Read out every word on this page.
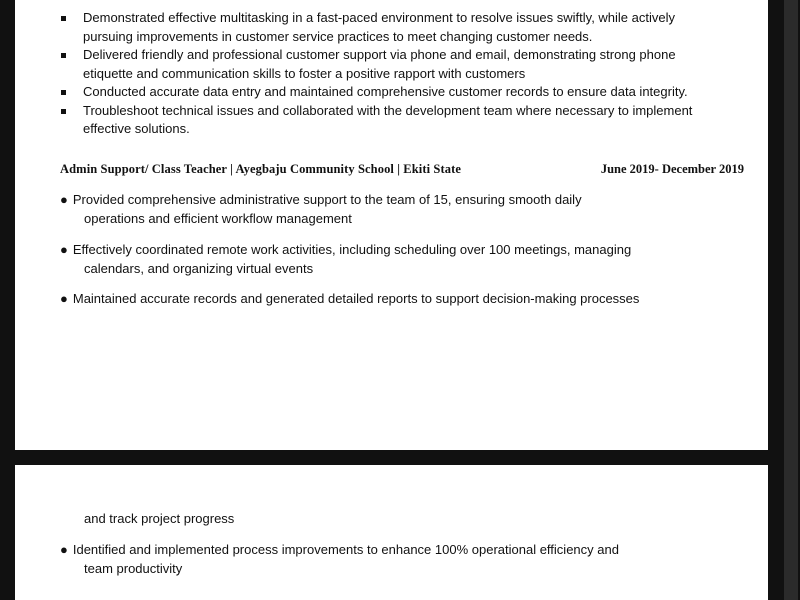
Demonstrated effective multitasking in a fast-paced environment to resolve issues swiftly, while actively
pursuing improvements in customer service practices to meet changing customer needs.
Delivered friendly and professional customer support via phone and email, demonstrating strong phone
etiquette and communication skills to foster a positive rapport with customers
Conducted accurate data entry and maintained comprehensive customer records to ensure data integrity.
Troubleshoot technical issues and collaborated with the development team where necessary to implement
effective solutions.
Admin Support/ Class Teacher | Ayegbaju Community School | Ekiti State	June 2019- December 2019
● Provided comprehensive administrative support to the team of 15, ensuring smooth daily
operations and efficient workflow management
● Effectively coordinated remote work activities, including scheduling over 100 meetings, managing
calendars, and organizing virtual events
● Maintained accurate records and generated detailed reports to support decision-making processes
and track project progress
● Identified and implemented process improvements to enhance 100% operational efficiency and
team productivity
